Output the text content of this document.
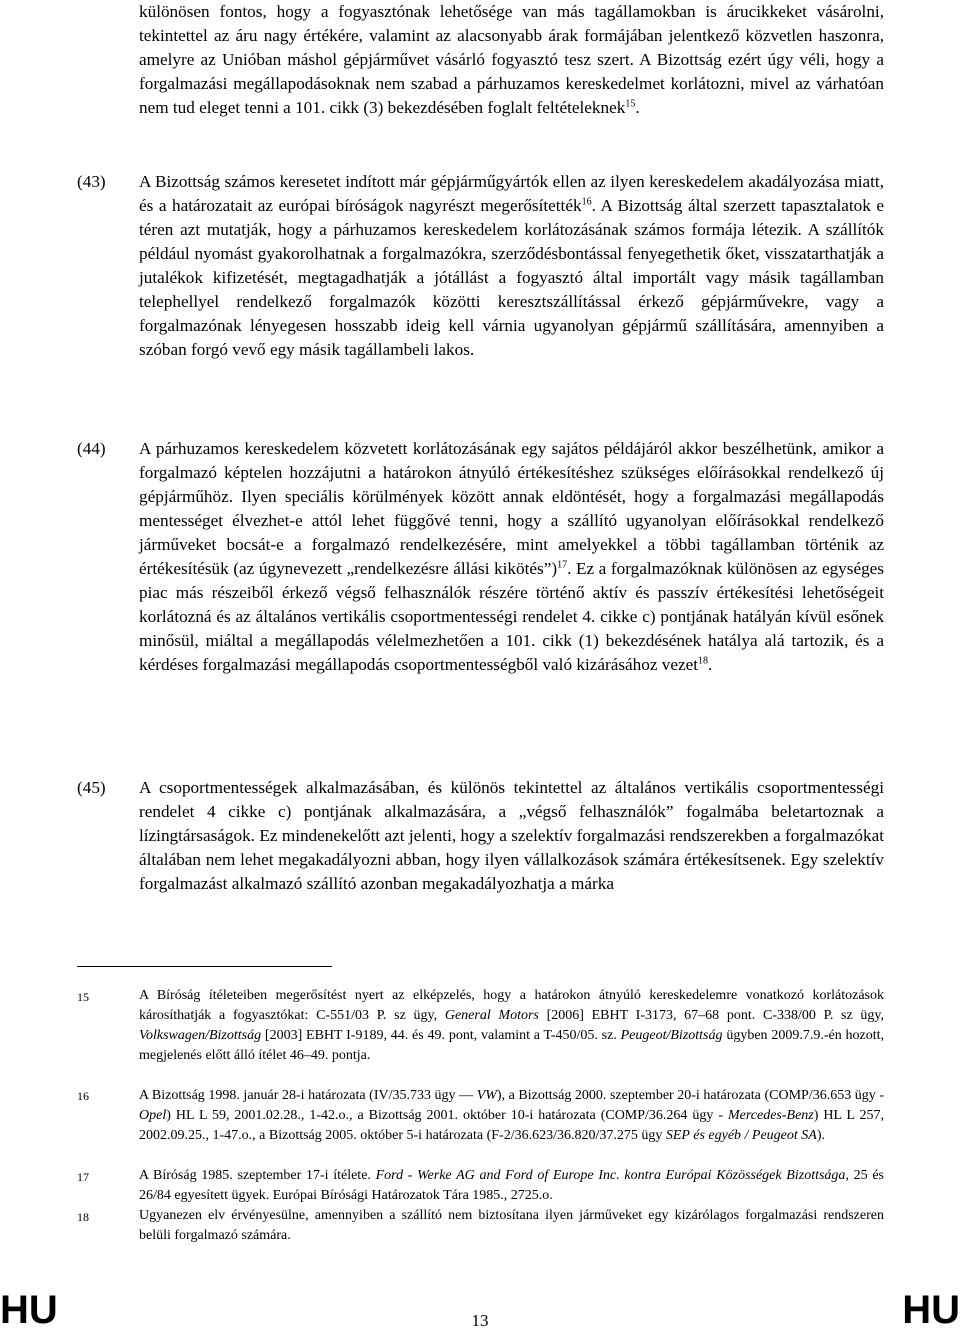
különösen fontos, hogy a fogyasztónak lehetősége van más tagállamokban is árucikkeket vásárolni, tekintettel az áru nagy értékére, valamint az alacsonyabb árak formájában jelentkező közvetlen haszonra, amelyre az Unióban máshol gépjárművet vásárló fogyasztó tesz szert. A Bizottság ezért úgy véli, hogy a forgalmazási megállapodásoknak nem szabad a párhuzamos kereskedelmet korlátozni, mivel az várhatóan nem tud eleget tenni a 101. cikk (3) bekezdésében foglalt feltételeknek$^{15}$.
(43) A Bizottság számos keresetet indított már gépjárműgyártók ellen az ilyen kereskedelem akadályozása miatt, és a határozatait az európai bíróságok nagyrészt megerősítették$^{16}$. A Bizottság által szerzett tapasztalatok e téren azt mutatják, hogy a párhuzamos kereskedelem korlátozásának számos formája létezik. A szállítók például nyomást gyakorolhatnak a forgalmazókra, szerződésbontással fenyegethetik őket, visszatarthatják a jutalékok kifizetését, megtagadhatják a jótállást a fogyasztó által importált vagy másik tagállamban telephellyel rendelkező forgalmazók közötti keresztszállítással érkező gépjárművekre, vagy a forgalmazónak lényegesen hosszabb ideig kell várnia ugyanolyan gépjármű szállítására, amennyiben a szóban forgó vevő egy másik tagállambeli lakos.
(44) A párhuzamos kereskedelem közvetett korlátozásának egy sajátos példájáról akkor beszélhetünk, amikor a forgalmazó képtelen hozzájutni a határokon átnyúló értékesítéshez szükséges előírásokkal rendelkező új gépjárműhöz. Ilyen speciális körülmények között annak eldöntését, hogy a forgalmazási megállapodás mentességet élvezhet-e attól lehet függővé tenni, hogy a szállító ugyanolyan előírásokkal rendelkező járműveket bocsát-e a forgalmazó rendelkezésére, mint amelyekkel a többi tagállamban történik az értékesítésük (az úgynevezett „rendelkezésre állási kikötés”)$^{17}$. Ez a forgalmazóknak különösen az egységes piac más részeiből érkező végső felhasználók részére történő aktív és passzív értékesítési lehetőségeit korlátozná és az általános vertikális csoportmentességi rendelet 4. cikke c) pontjának hatályán kívül esőnek minősül, miáltal a megállapodás vélelmezhetően a 101. cikk (1) bekezdésének hatálya alá tartozik, és a kérdéses forgalmazási megállapodás csoportmentességből való kizárásához vezet$^{18}$.
(45) A csoportmentességek alkalmazásában, és különös tekintettel az általános vertikális csoportmentességi rendelet 4 cikke c) pontjának alkalmazására, a „végső felhasználók” fogalmába beletartoznak a lízingtársaságok. Ez mindenekelőtt azt jelenti, hogy a szelektív forgalmazási rendszerekben a forgalmazókat általában nem lehet megakadályozni abban, hogy ilyen vállalkozások számára értékesítsenek. Egy szelektív forgalmazást alkalmazó szállító azonban megakadályozhatja a márka
15	A Bíróság ítéleteiben megerősítést nyert az elképzelés, hogy a határokon átnyúló kereskedelemre vonatkozó korlátozások károsíthatják a fogyasztókat: C-551/03 P. sz ügy, General Motors [2006] EBHT I-3173, 67–68 pont. C-338/00 P. sz ügy, Volkswagen/Bizottság [2003] EBHT I-9189, 44. és 49. pont, valamint a T-450/05. sz. Peugeot/Bizottság ügyben 2009.7.9.-én hozott, megjelenés előtt álló ítélet 46–49. pontja.
16	A Bizottság 1998. január 28-i határozata (IV/35.733 ügy — VW), a Bizottság 2000. szeptember 20-i határozata (COMP/36.653 ügy - Opel) HL L 59, 2001.02.28., 1-42.o., a Bizottság 2001. október 10-i határozata (COMP/36.264 ügy - Mercedes-Benz) HL L 257, 2002.09.25., 1-47.o., a Bizottság 2005. október 5-i határozata (F-2/36.623/36.820/37.275 ügy SEP és egyéb / Peugeot SA).
17	A Bíróság 1985. szeptember 17-i ítélete. Ford - Werke AG and Ford of Europe Inc. kontra Európai Közösségek Bizottsága, 25 és 26/84 egyesített ügyek. Európai Bírósági Határozatok Tára 1985., 2725.o.
18	Ugyanezen elv érvényesülne, amennyiben a szállító nem biztosítana ilyen járműveket egy kizárólagos forgalmazási rendszeren belüli forgalmazó számára.
HU	13	HU
